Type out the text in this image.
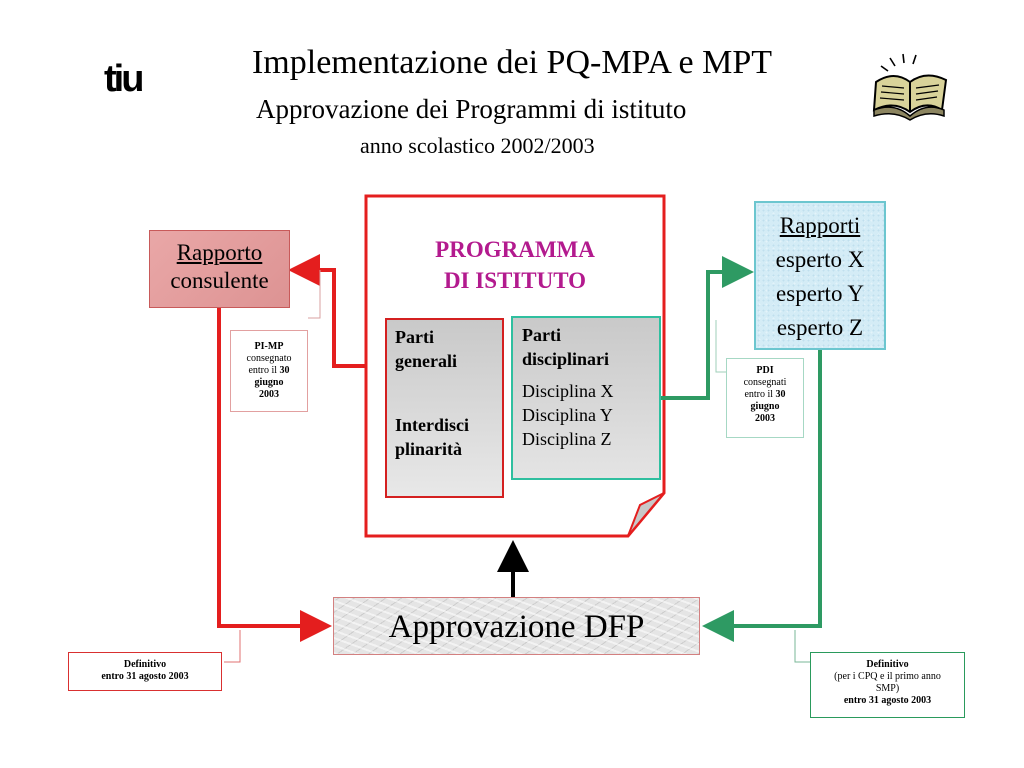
Implementazione dei PQ-MPA e MPT
Approvazione dei Programmi di istituto
anno scolastico 2002/2003
tiu
Rapporto
consulente
Rapporti
esperto X
esperto Y
esperto Z
PROGRAMMA
DI ISTITUTO
Parti
generali
Interdisci
plinarità
Parti
disciplinari
Disciplina X
Disciplina Y
Disciplina Z
Approvazione DFP
PI-MP
consegnato
entro il 30
giugno
2003
PDI
consegnati
entro il 30
giugno
2003
Definitivo
entro 31 agosto 2003
Definitivo
(per i CPQ e il primo anno
SMP)
entro 31 agosto 2003
